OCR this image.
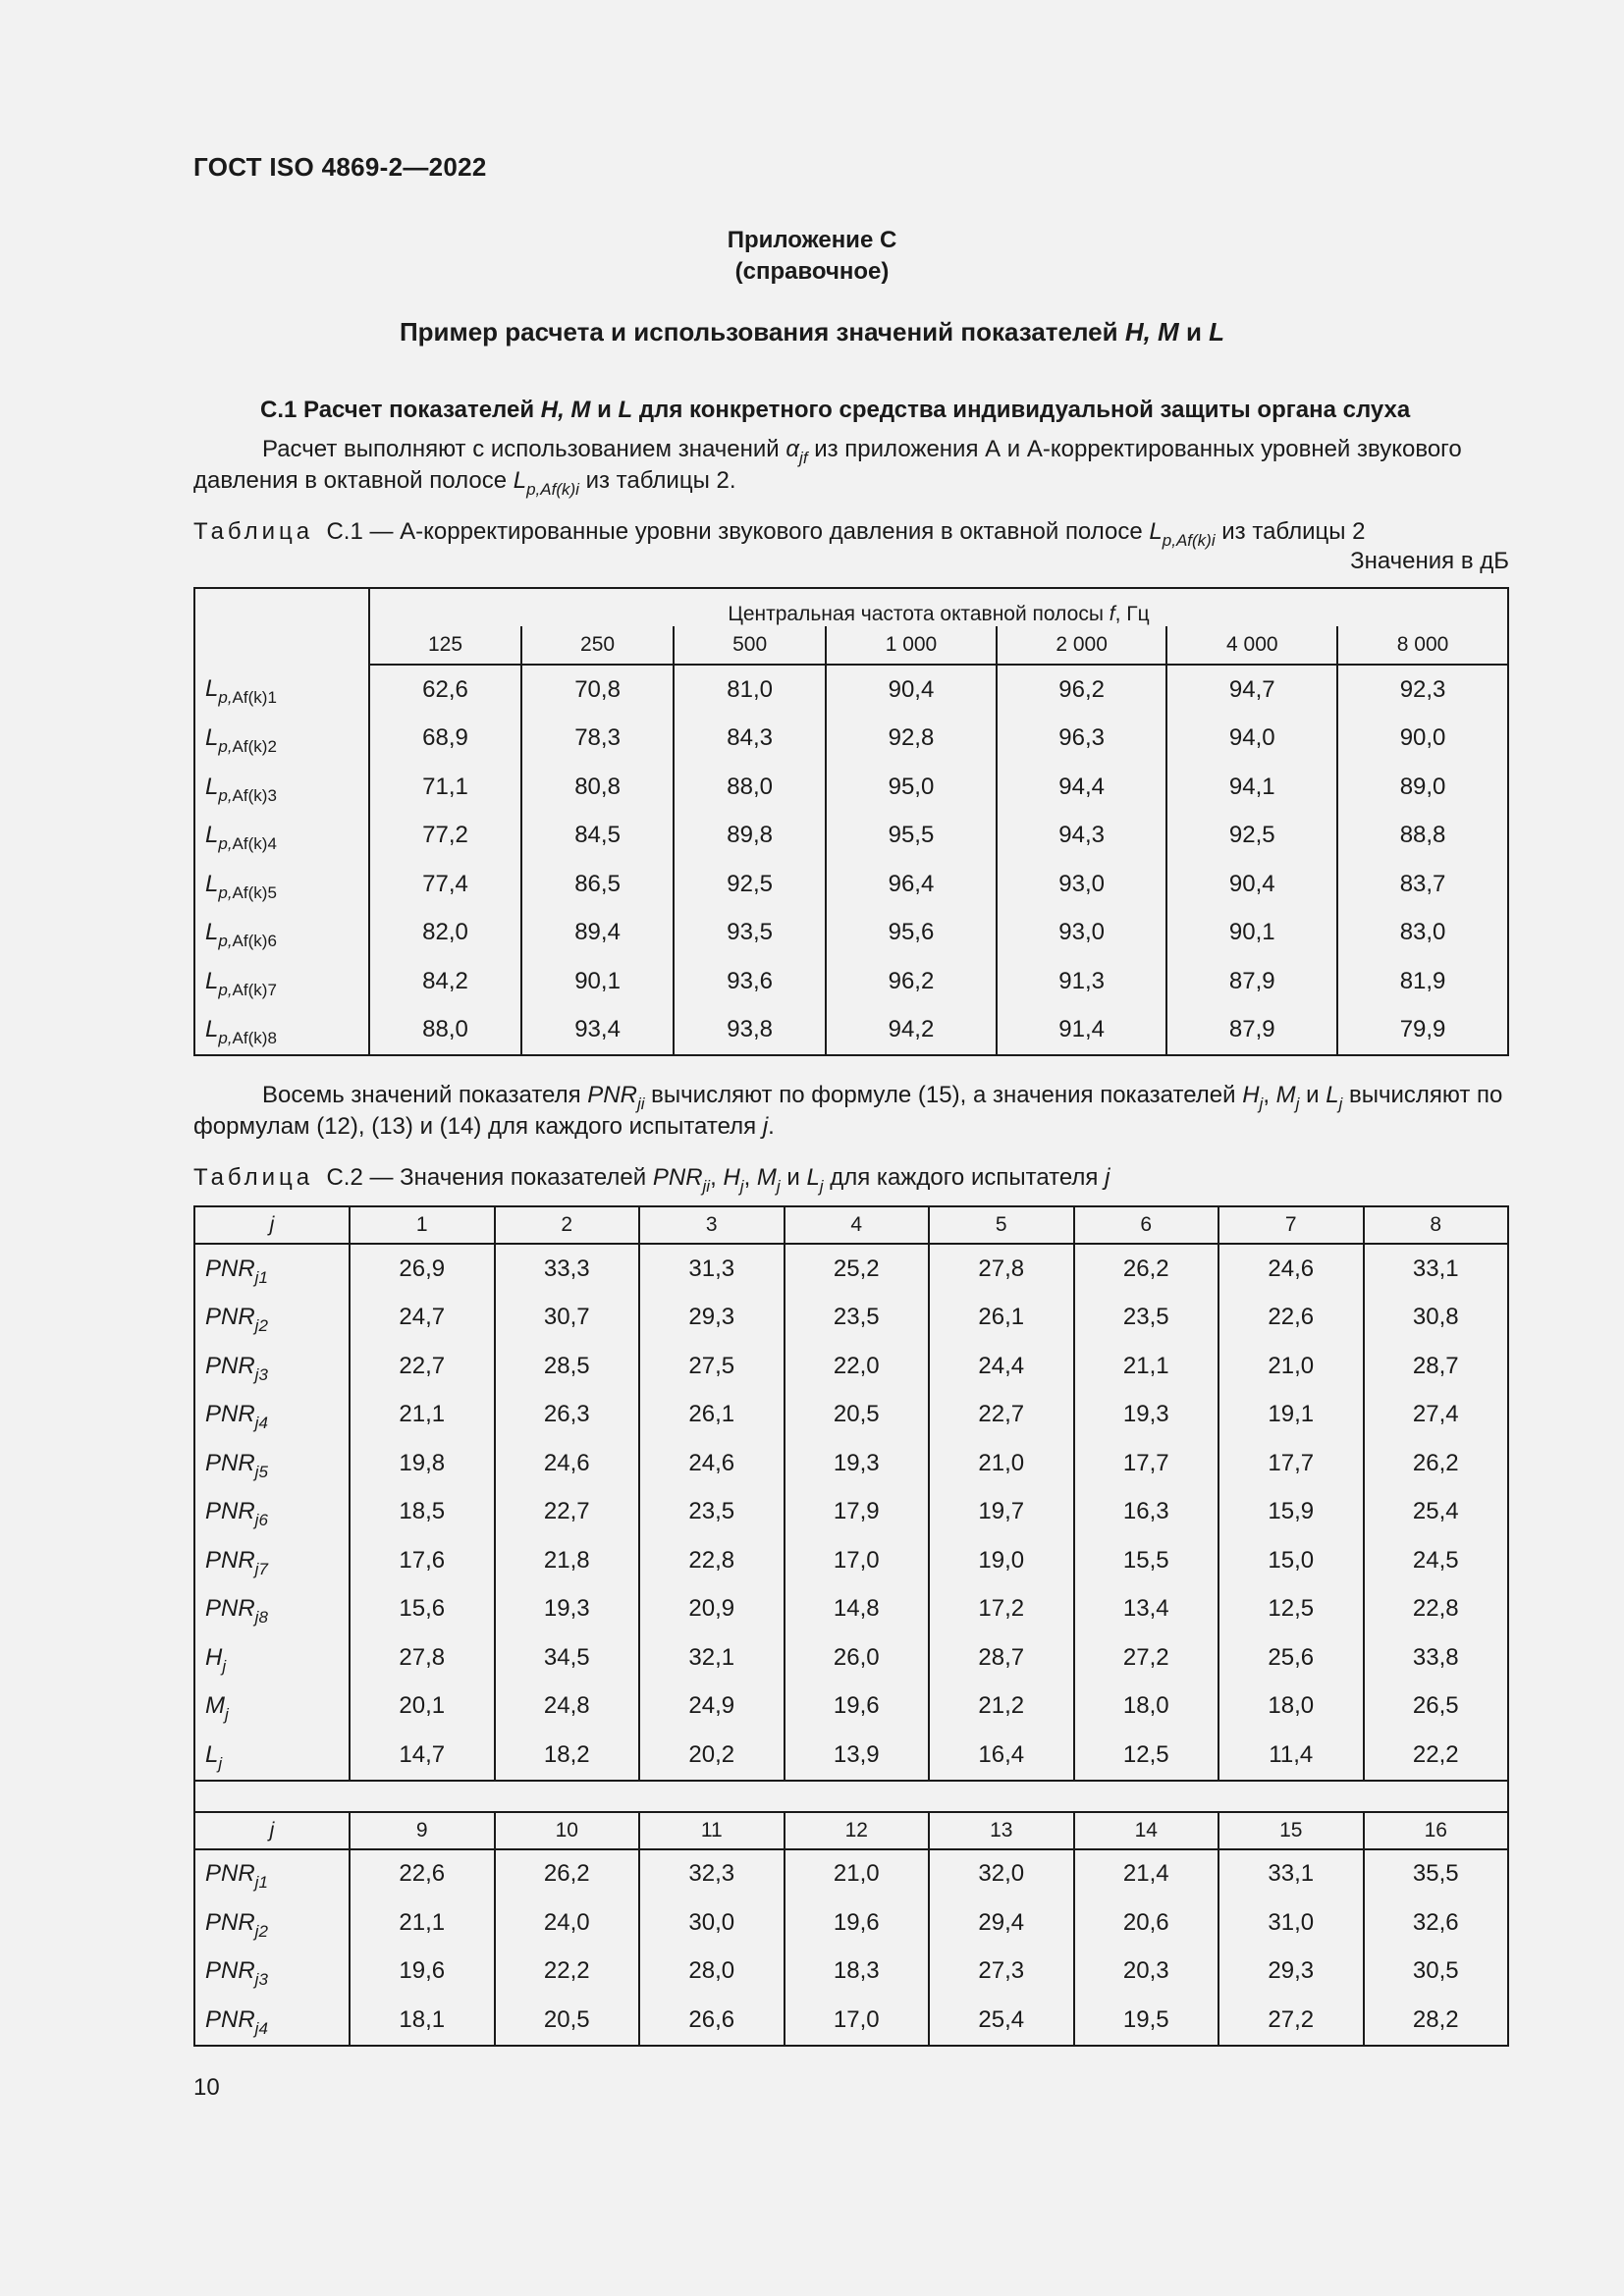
ГОСТ ISO 4869-2—2022
Приложение С
(справочное)
Пример расчета и использования значений показателей H, M и L
С.1 Расчет показателей H, M и L для конкретного средства индивидуальной защиты органа слуха
Расчет выполняют с использованием значений $\alpha_{jf}$ из приложения А и А-корректированных уровней звукового давления в октавной полосе $L_{p,Af(k)i}$ из таблицы 2.
Таблица С.1 — А-корректированные уровни звукового давления в октавной полосе $L_{p,Af(k)i}$ из таблицы 2
Значения в дБ
	Центральная частота октавной полосы f, Гц						
	125	250	500	1 000	2 000	4 000	8 000
$L_{p,Af(k)1}$	62,6	70,8	81,0	90,4	96,2	94,7	92,3
$L_{p,Af(k)2}$	68,9	78,3	84,3	92,8	96,3	94,0	90,0
$L_{p,Af(k)3}$	71,1	80,8	88,0	95,0	94,4	94,1	89,0
$L_{p,Af(k)4}$	77,2	84,5	89,8	95,5	94,3	92,5	88,8
$L_{p,Af(k)5}$	77,4	86,5	92,5	96,4	93,0	90,4	83,7
$L_{p,Af(k)6}$	82,0	89,4	93,5	95,6	93,0	90,1	83,0
$L_{p,Af(k)7}$	84,2	90,1	93,6	96,2	91,3	87,9	81,9
$L_{p,Af(k)8}$	88,0	93,4	93,8	94,2	91,4	87,9	79,9
Восемь значений показателя $PNR_{ji}$ вычисляют по формуле (15), а значения показателей $H_j$, $M_j$ и $L_j$ вычисляют по формулам (12), (13) и (14) для каждого испытателя j.
Таблица С.2 — Значения показателей $PNR_{ji}$, $H_j$, $M_j$ и $L_j$ для каждого испытателя j
j	1	2	3	4	5	6	7	8
$PNR_{j1}$	26,9	33,3	31,3	25,2	27,8	26,2	24,6	33,1
$PNR_{j2}$	24,7	30,7	29,3	23,5	26,1	23,5	22,6	30,8
$PNR_{j3}$	22,7	28,5	27,5	22,0	24,4	21,1	21,0	28,7
$PNR_{j4}$	21,1	26,3	26,1	20,5	22,7	19,3	19,1	27,4
$PNR_{j5}$	19,8	24,6	24,6	19,3	21,0	17,7	17,7	26,2
$PNR_{j6}$	18,5	22,7	23,5	17,9	19,7	16,3	15,9	25,4
$PNR_{j7}$	17,6	21,8	22,8	17,0	19,0	15,5	15,0	24,5
$PNR_{j8}$	15,6	19,3	20,9	14,8	17,2	13,4	12,5	22,8
$H_j$	27,8	34,5	32,1	26,0	28,7	27,2	25,6	33,8
$M_j$	20,1	24,8	24,9	19,6	21,2	18,0	18,0	26,5
$L_j$	14,7	18,2	20,2	13,9	16,4	12,5	11,4	22,2

j	9	10	11	12	13	14	15	16
$PNR_{j1}$	22,6	26,2	32,3	21,0	32,0	21,4	33,1	35,5
$PNR_{j2}$	21,1	24,0	30,0	19,6	29,4	20,6	31,0	32,6
$PNR_{j3}$	19,6	22,2	28,0	18,3	27,3	20,3	29,3	30,5
$PNR_{j4}$	18,1	20,5	26,6	17,0	25,4	19,5	27,2	28,2
10
